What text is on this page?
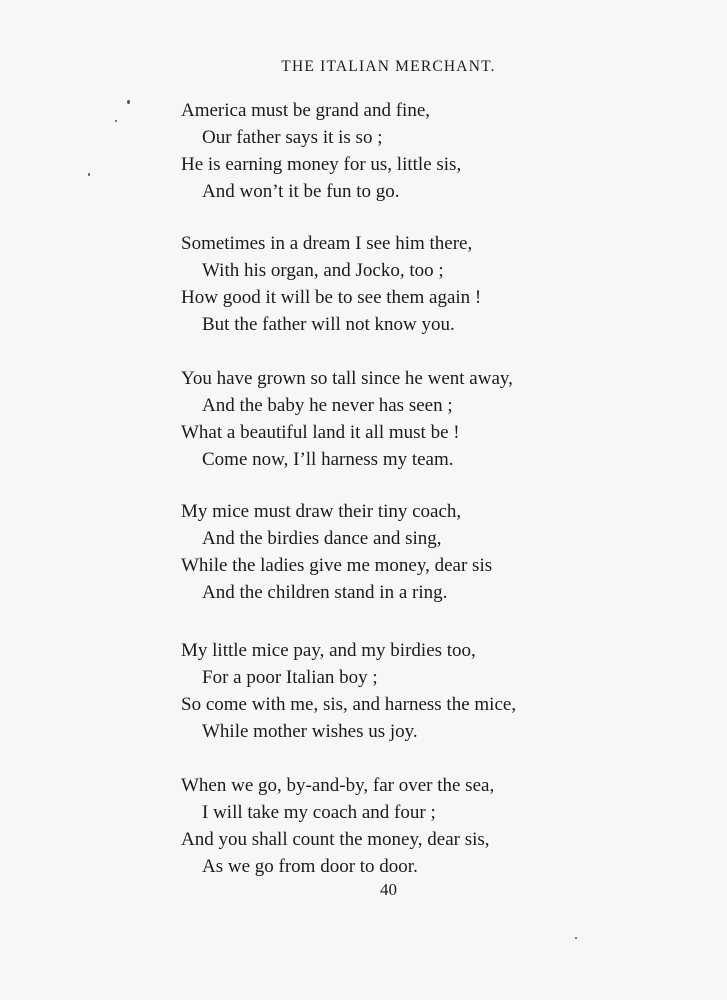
THE ITALIAN MERCHANT.
America must be grand and fine,
Our father says it is so ;
He is earning money for us, little sis,
And won’t it be fun to go.
Sometimes in a dream I see him there,
With his organ, and Jocko, too ;
How good it will be to see them again !
But the father will not know you.
You have grown so tall since he went away,
And the baby he never has seen ;
What a beautiful land it all must be !
Come now, I’ll harness my team.
My mice must draw their tiny coach,
And the birdies dance and sing,
While the ladies give me money, dear sis
And the children stand in a ring.
My little mice pay, and my birdies too,
For a poor Italian boy ;
So come with me, sis, and harness the mice,
While mother wishes us joy.
When we go, by-and-by, far over the sea,
I will take my coach and four ;
And you shall count the money, dear sis,
As we go from door to door.
40
